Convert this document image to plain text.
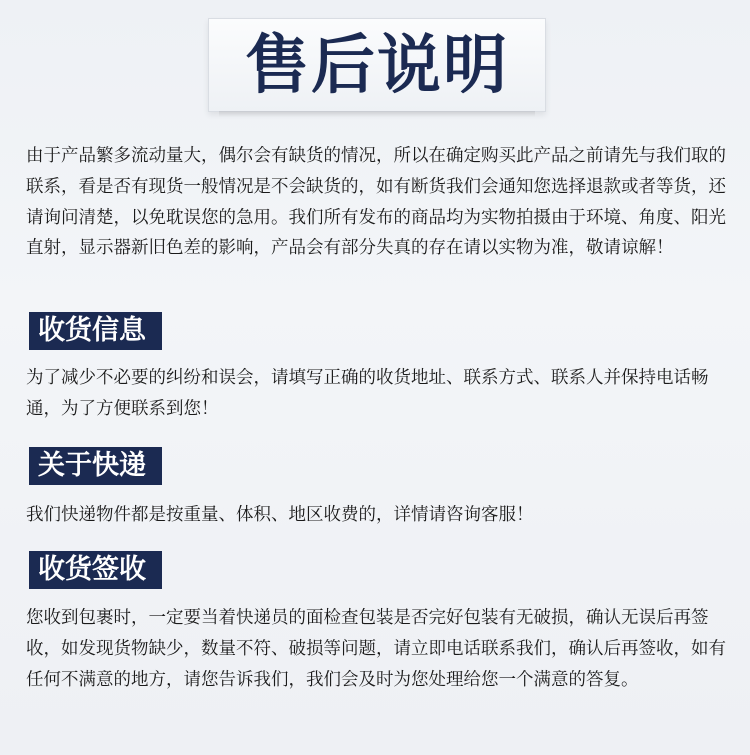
售后说明

由于产品繁多流动量大，偶尔会有缺货的情况，所以在确定购买此产品之前请先与我们取的联系，看是否有现货一般情况是不会缺货的，如有断货我们会通知您选择退款或者等货，还请询问清楚，以免耽误您的急用。我们所有发布的商品均为实物拍摄由于环境、角度、阳光直射，显示器新旧色差的影响，产品会有部分失真的存在请以实物为准，敬请谅解！

收货信息

为了减少不必要的纠纷和误会，请填写正确的收货地址、联系方式、联系人并保持电话畅通，为了方便联系到您！

关于快递

我们快递物件都是按重量、体积、地区收费的，详情请咨询客服！

收货签收

您收到包裹时，一定要当着快递员的面检查包装是否完好包装有无破损，确认无误后再签收，如发现货物缺少，数量不符、破损等问题，请立即电话联系我们，确认后再签收，如有任何不满意的地方，请您告诉我们，我们会及时为您处理给您一个满意的答复。
